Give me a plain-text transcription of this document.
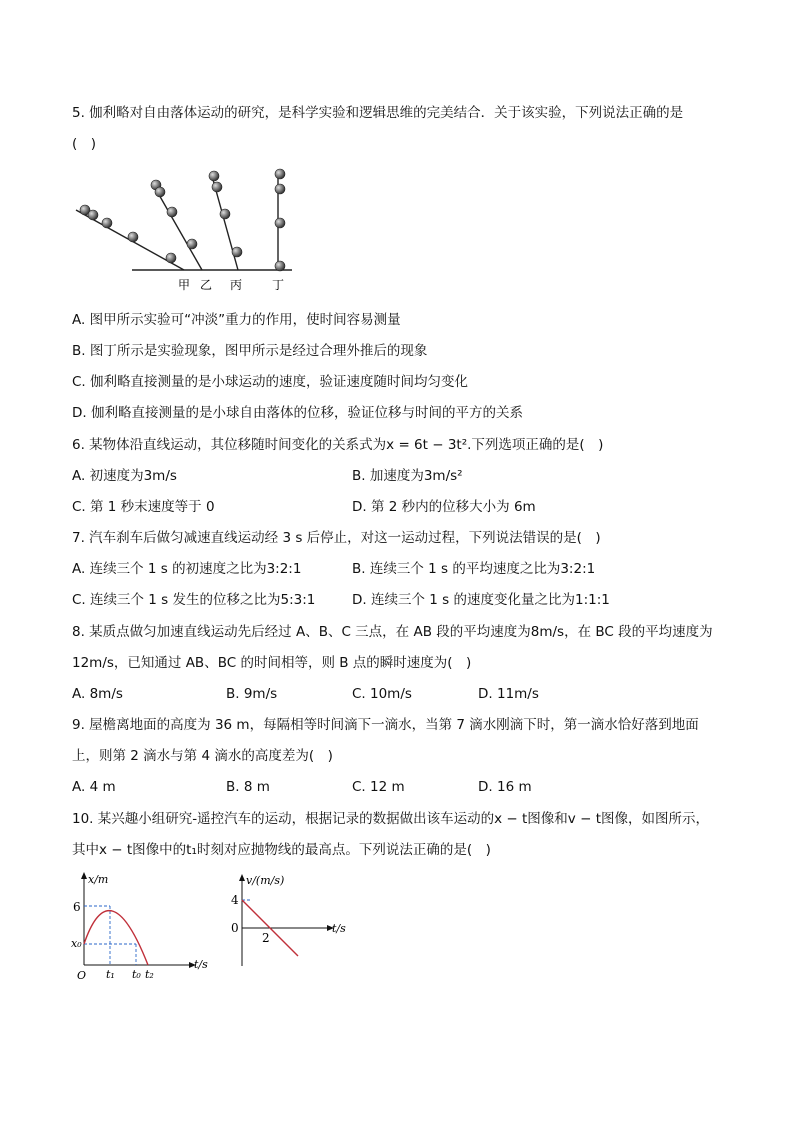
5. 伽利略对自由落体运动的研究，是科学实验和逻辑思维的完美结合．关于该实验，下列说法正确的是
(　)
甲 乙 丙 丁
A. 图甲所示实验可“冲淡”重力的作用，使时间容易测量
B. 图丁所示是实验现象，图甲所示是经过合理外推后的现象
C. 伽利略直接测量的是小球运动的速度，验证速度随时间均匀变化
D. 伽利略直接测量的是小球自由落体的位移，验证位移与时间的平方的关系
6. 某物体沿直线运动，其位移随时间变化的关系式为x = 6t − 3t².下列选项正确的是(　)
A. 初速度为3m/s	B. 加速度为3m/s²
C. 第 1 秒末速度等于 0	D. 第 2 秒内的位移大小为 6m
7. 汽车刹车后做匀减速直线运动经 3 s 后停止，对这一运动过程，下列说法错误的是(　)
A. 连续三个 1 s 的初速度之比为3:2:1	B. 连续三个 1 s 的平均速度之比为3:2:1
C. 连续三个 1 s 发生的位移之比为5:3:1	D. 连续三个 1 s 的速度变化量之比为1:1:1
8. 某质点做匀加速直线运动先后经过 A、B、C 三点，在 AB 段的平均速度为8m/s，在 BC 段的平均速度为
12m/s，已知通过 AB、BC 的时间相等，则 B 点的瞬时速度为(　)
A. 8m/s	B. 9m/s	C. 10m/s	D. 11m/s
9. 屋檐离地面的高度为 36 m，每隔相等时间滴下一滴水，当第 7 滴水刚滴下时，第一滴水恰好落到地面
上，则第 2 滴水与第 4 滴水的高度差为(　)
A. 4 m	B. 8 m	C. 12 m	D. 16 m
10. 某兴趣小组研究-遥控汽车的运动，根据记录的数据做出该车运动的x − t图像和v − t图像，如图所示，
其中x − t图像中的t₁时刻对应抛物线的最高点。下列说法正确的是(　)
x/m
t/s
O
6
x₀
t₁ t₀ t₂
v/(m/s)
t/s
4
0
2
